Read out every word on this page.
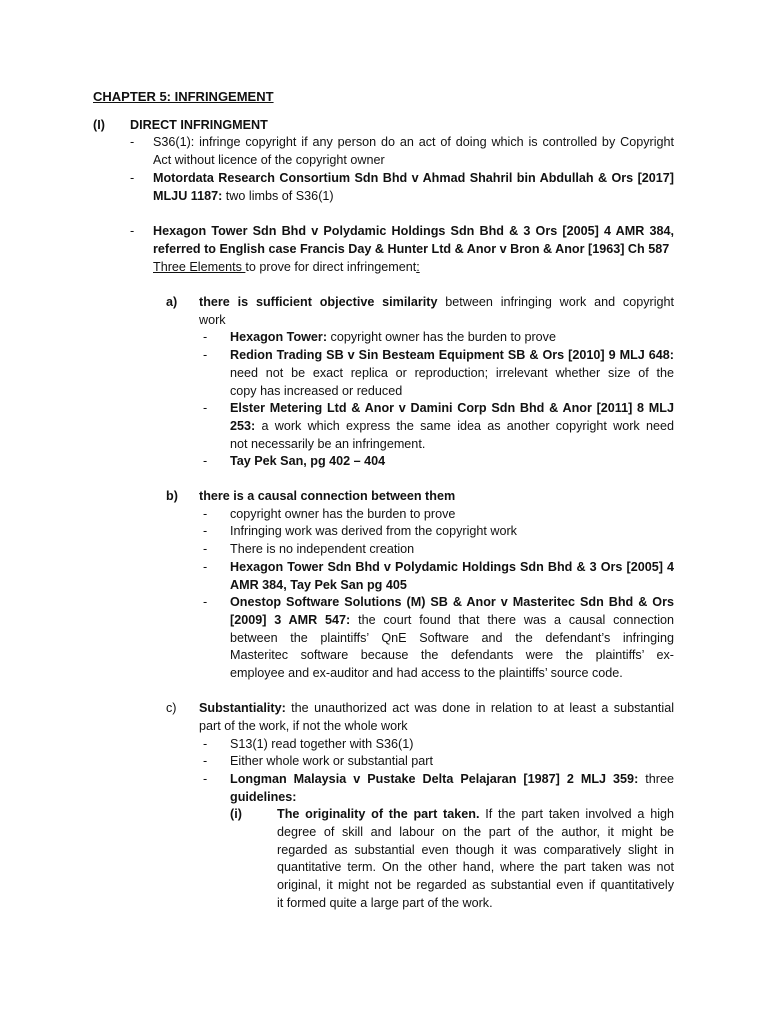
CHAPTER 5: INFRINGEMENT
(I) DIRECT INFRINGMENT
- S36(1): infringe copyright if any person do an act of doing which is controlled by Copyright
Act without licence of the copyright owner
- Motordata Research Consortium Sdn Bhd v Ahmad Shahril bin Abdullah & Ors [2017]
MLJU 1187: two limbs of S36(1)
- Hexagon Tower Sdn Bhd v Polydamic Holdings Sdn Bhd & 3 Ors [2005] 4 AMR 384,
referred to English case Francis Day & Hunter Ltd & Anor v Bron & Anor [1963] Ch 587
Three Elements to prove for direct infringement:
a) there is sufficient objective similarity between infringing work and copyright
work
- Hexagon Tower: copyright owner has the burden to prove
- Redion Trading SB v Sin Besteam Equipment SB & Ors [2010] 9 MLJ 648:
need not be exact replica or reproduction; irrelevant whether size of the
copy has increased or reduced
- Elster Metering Ltd & Anor v Damini Corp Sdn Bhd & Anor [2011] 8 MLJ
253: a work which express the same idea as another copyright work need
not necessarily be an infringement.
- Tay Pek San, pg 402 – 404
b) there is a causal connection between them
- copyright owner has the burden to prove
- Infringing work was derived from the copyright work
- There is no independent creation
- Hexagon Tower Sdn Bhd v Polydamic Holdings Sdn Bhd & 3 Ors [2005] 4
AMR 384, Tay Pek San pg 405
- Onestop Software Solutions (M) SB & Anor v Masteritec Sdn Bhd & Ors
[2009] 3 AMR 547: the court found that there was a causal connection
between the plaintiffs’ QnE Software and the defendant’s infringing
Masteritec software because the defendants were the plaintiffs’ ex-
employee and ex-auditor and had access to the plaintiffs’ source code.
c) Substantiality: the unauthorized act was done in relation to at least a substantial
part of the work, if not the whole work
- S13(1) read together with S36(1)
- Either whole work or substantial part
- Longman Malaysia v Pustake Delta Pelajaran [1987] 2 MLJ 359: three
guidelines:
(i)	The originality of the part taken. If the part taken involved a high
degree of skill and labour on the part of the author, it might be
regarded as substantial even though it was comparatively slight in
quantitative term. On the other hand, where the part taken was not
original, it might not be regarded as substantial even if quantitatively
it formed quite a large part of the work.
